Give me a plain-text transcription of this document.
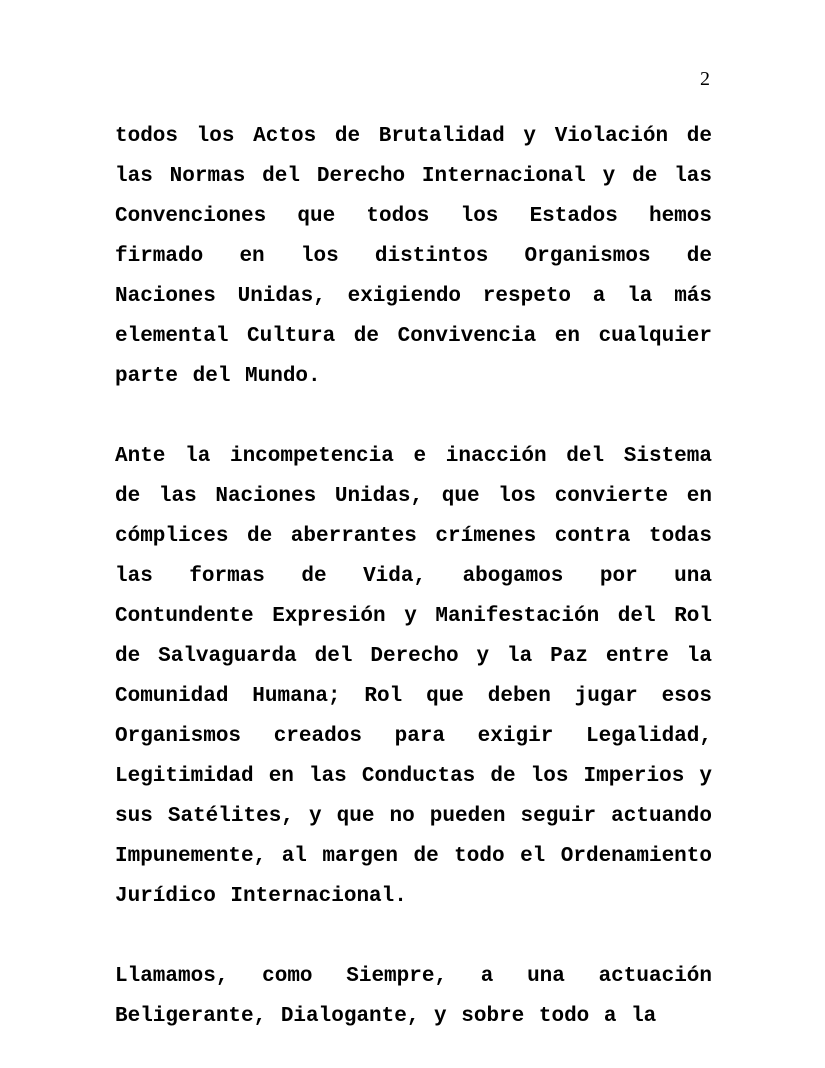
2

todos los Actos de Brutalidad y Violación de las Normas del Derecho Internacional y de las Convenciones que todos los Estados hemos firmado en los distintos Organismos de Naciones Unidas, exigiendo respeto a la más elemental Cultura de Convivencia en cualquier parte del Mundo.

Ante la incompetencia e inacción del Sistema de las Naciones Unidas, que los convierte en cómplices de aberrantes crímenes contra todas las formas de Vida, abogamos por una Contundente Expresión y Manifestación del Rol de Salvaguarda del Derecho y la Paz entre la Comunidad Humana; Rol que deben jugar esos Organismos creados para exigir Legalidad, Legitimidad en las Conductas de los Imperios y sus Satélites, y que no pueden seguir actuando Impunemente, al margen de todo el Ordenamiento Jurídico Internacional.

Llamamos, como Siempre, a una actuación Beligerante, Dialogante, y sobre todo a la
